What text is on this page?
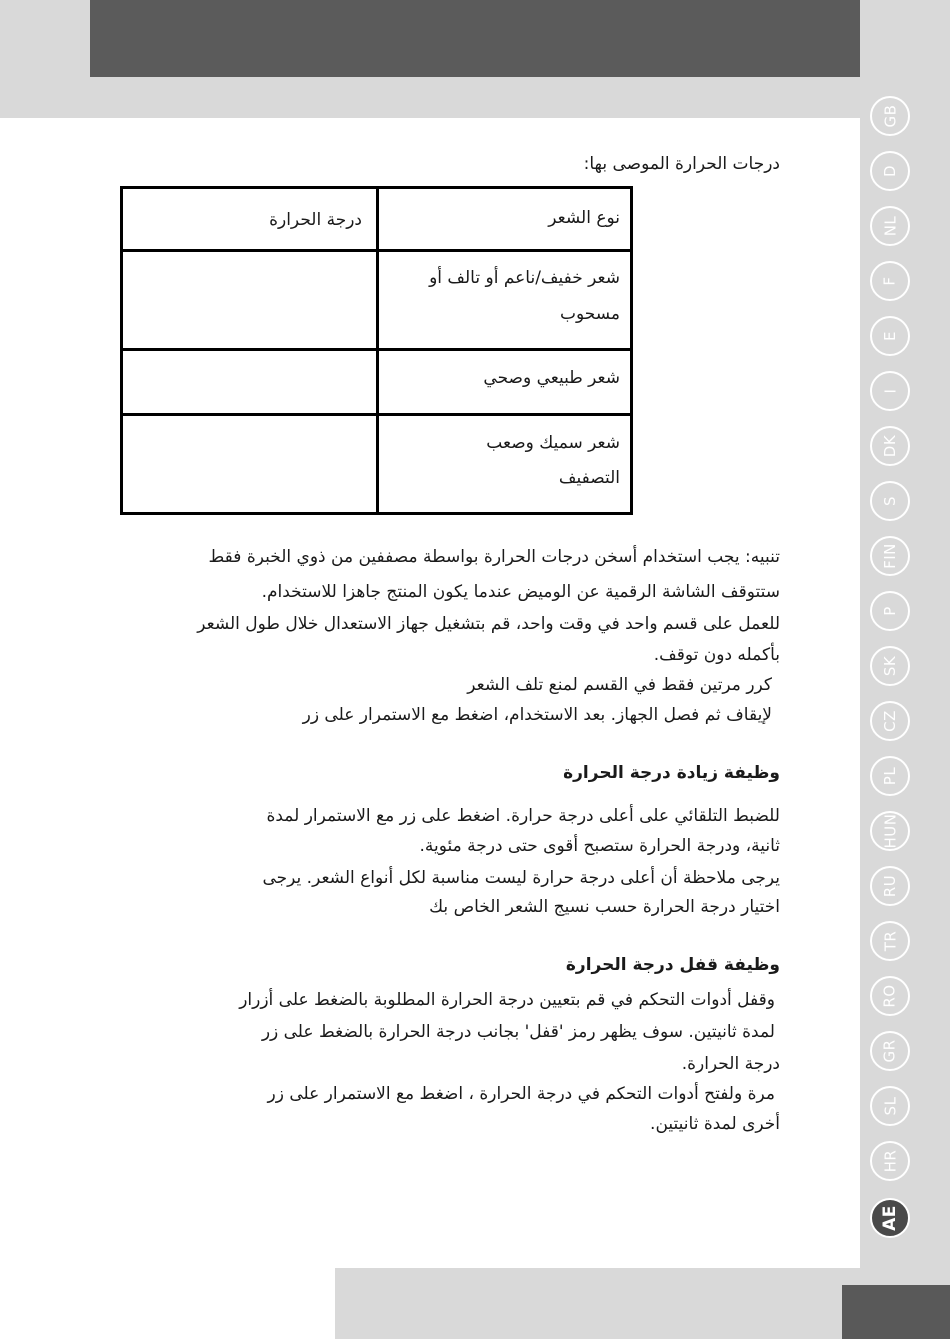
درجات الحرارة الموصى بها:
نوع الشعر
درجة الحرارة
شعر خفيف/ناعم أو تالف أو
مسحوب
شعر طبيعي وصحي
شعر سميك وصعب
التصفيف
تنبيه: يجب استخدام أسخن درجات الحرارة بواسطة مصففين من ذوي الخبرة فقط
ستتوقف الشاشة الرقمية عن الوميض عندما يكون المنتج جاهزا للاستخدام.
للعمل على قسم واحد في وقت واحد، قم بتشغيل جهاز الاستعدال خلال طول الشعر
بأكمله دون توقف.
كرر مرتين فقط في القسم لمنع تلف الشعر
لإيقاف ثم فصل الجهاز. بعد الاستخدام، اضغط مع الاستمرار على زر
وظيفة زيادة درجة الحرارة
للضبط التلقائي على أعلى درجة حرارة. اضغط على زر مع الاستمرار لمدة
ثانية، ودرجة الحرارة ستصبح أقوى حتى درجة مئوية.
يرجى ملاحظة أن أعلى درجة حرارة ليست مناسبة لكل أنواع الشعر. يرجى
اختيار درجة الحرارة حسب نسيج الشعر الخاص بك
وظيفة قفل درجة الحرارة
وقفل أدوات التحكم في قم بتعيين درجة الحرارة المطلوبة بالضغط على أزرار
لمدة ثانيتين. سوف يظهر رمز 'قفل' بجانب درجة الحرارة بالضغط على زر
درجة الحرارة.
مرة ولفتح أدوات التحكم في درجة الحرارة ، اضغط مع الاستمرار على زر
أخرى لمدة ثانيتين.
GB
D
NL
F
E
I
DK
S
FIN
P
SK
CZ
PL
HUN
RU
TR
RO
GR
SL
HR
AE
